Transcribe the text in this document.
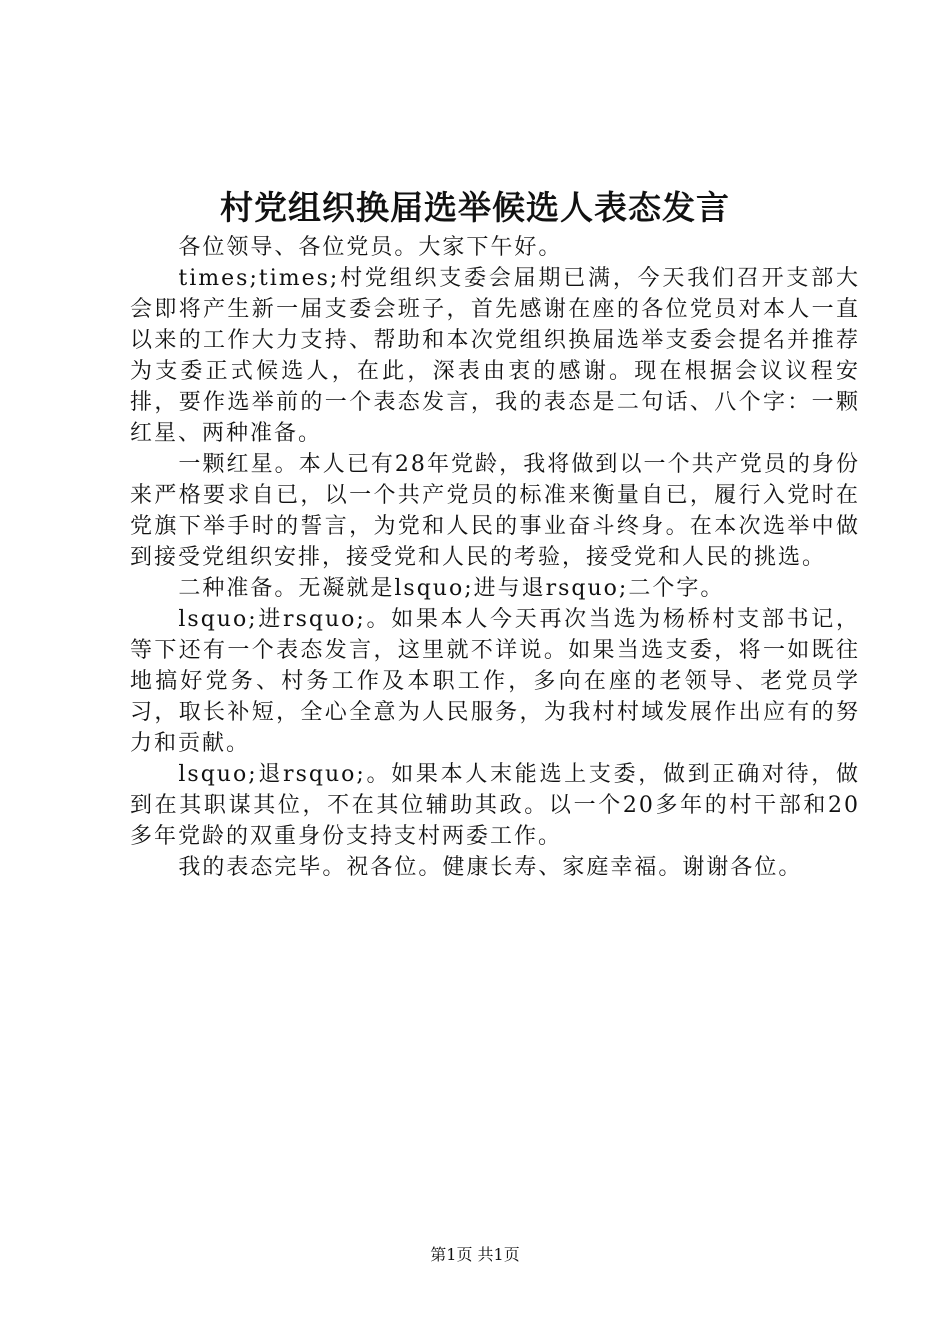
村党组织换届选举候选人表态发言

各位领导、各位党员。大家下午好。

times;times;村党组织支委会届期已满，今天我们召开支部大会即将产生新一届支委会班子，首先感谢在座的各位党员对本人一直以来的工作大力支持、帮助和本次党组织换届选举支委会提名并推荐为支委正式候选人，在此，深表由衷的感谢。现在根据会议议程安排，要作选举前的一个表态发言，我的表态是二句话、八个字：一颗红星、两种准备。

一颗红星。本人已有28年党龄，我将做到以一个共产党员的身份来严格要求自已，以一个共产党员的标准来衡量自已，履行入党时在党旗下举手时的誓言，为党和人民的事业奋斗终身。在本次选举中做到接受党组织安排，接受党和人民的考验，接受党和人民的挑选。

二种准备。无凝就是lsquo;进与退rsquo;二个字。

lsquo;进rsquo;。如果本人今天再次当选为杨桥村支部书记，等下还有一个表态发言，这里就不详说。如果当选支委，将一如既往地搞好党务、村务工作及本职工作，多向在座的老领导、老党员学习，取长补短，全心全意为人民服务，为我村村域发展作出应有的努力和贡献。

lsquo;退rsquo;。如果本人末能选上支委，做到正确对待，做到在其职谋其位，不在其位辅助其政。以一个20多年的村干部和20多年党龄的双重身份支持支村两委工作。

我的表态完毕。祝各位。健康长寿、家庭幸福。谢谢各位。

第1页 共1页
